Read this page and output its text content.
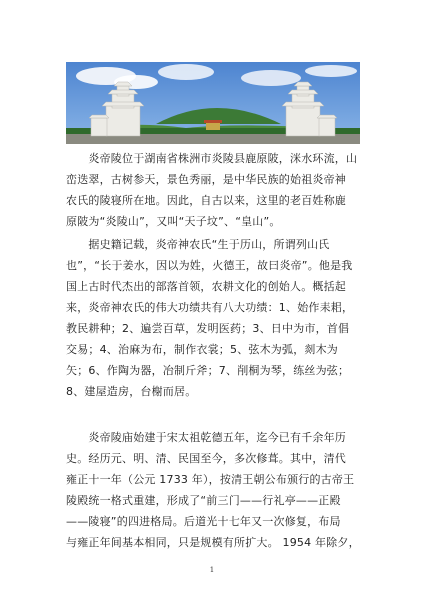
　　炎帝陵位于湖南省株洲市炎陵县鹿原陂，洣水环流，山
峦迭翠，古树参天，景色秀丽，是中华民族的始祖炎帝神
农氏的陵寝所在地。因此，自古以来，这里的老百姓称鹿
原陂为“炎陵山”，又叫“天子坟”、“皇山”。

　　据史籍记载，炎帝神农氏“生于历山，所谓列山氏
也”，“长于姜水，因以为姓，火德王，故曰炎帝”。他是我
国上古时代杰出的部落首领，农耕文化的创始人。概括起
来，炎帝神农氏的伟大功绩共有八大功绩：1、始作耒耜，
教民耕种；2、遍尝百草，发明医药；3、日中为市，首倡
交易；4、治麻为布，制作衣裳；5、弦木为弧，剡木为
矢；6、作陶为器，冶制斤斧；7、削桐为琴，练丝为弦；
8、建屋造房，台榭而居。

　　炎帝陵庙始建于宋太祖乾德五年，迄今已有千余年历
史。经历元、明、清、民国至今，多次修葺。其中，清代
雍正十一年（公元 1733 年），按清王朝公布颁行的古帝王
陵殿统一格式重建，形成了“前三门——行礼亭——正殿
——陵寝”的四进格局。后道光十七年又一次修复，布局
与雍正年间基本相同，只是规模有所扩大。 1954 年除夕，

1
